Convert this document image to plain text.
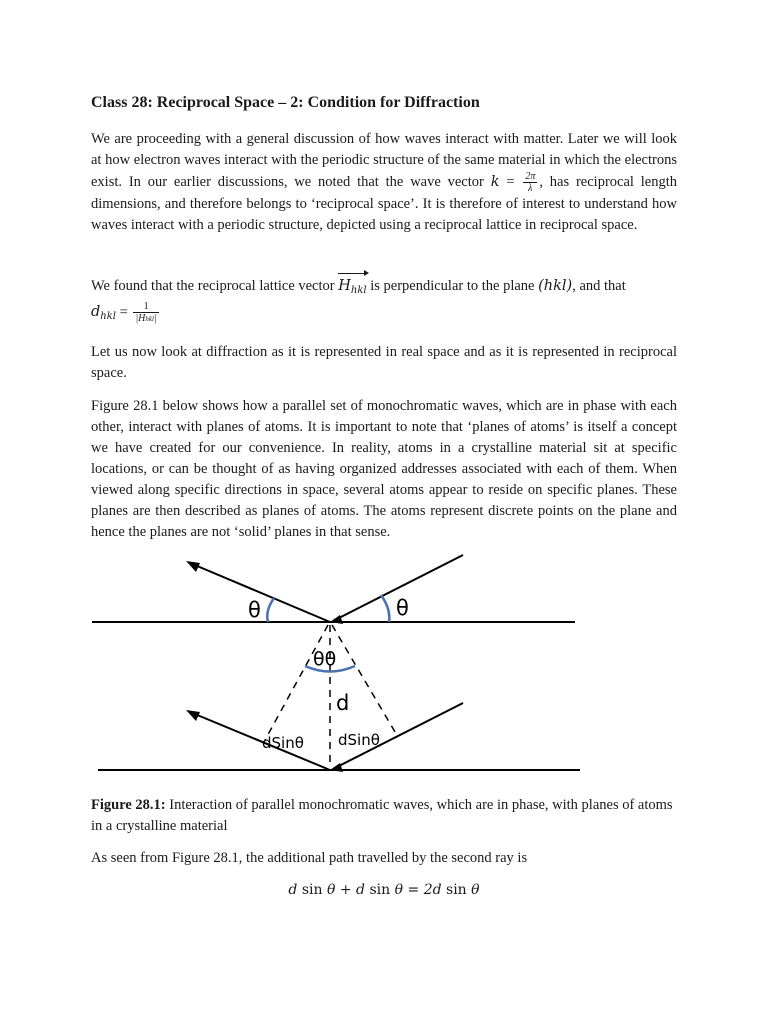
Class 28: Reciprocal Space – 2: Condition for Diffraction

We are proceeding with a general discussion of how waves interact with matter. Later we will look at how electron waves interact with the periodic structure of the same material in which the electrons exist. In our earlier discussions, we noted that the wave vector $k = \frac{2\pi}{\lambda}$ , has reciprocal length dimensions, and therefore belongs to ‘reciprocal space’. It is therefore of interest to understand how waves interact with a periodic structure, depicted using a reciprocal lattice in reciprocal space.

We found that the reciprocal lattice vector $H_{hkl}$ is perpendicular to the plane (hkl), and that
$d_{hkl} = \frac{1}{\text{|Hhkl|}}$

Let us now look at diffraction as it is represented in real space and as it is represented in reciprocal space.

Figure 28.1 below shows how a parallel set of monochromatic waves, which are in phase with each other, interact with planes of atoms. It is important to note that ‘planes of atoms’ is itself a concept we have created for our convenience. In reality, atoms in a crystalline material sit at specific locations, or can be thought of as having organized addresses associated with each of them. When viewed along specific directions in space, several atoms appear to reside on specific planes. These planes are then described as planes of atoms. The atoms represent discrete points on the plane and hence the planes are not ‘solid’ planes in that sense.

θ	θ
θθ
d
dSinθ dSinθ

Figure 28.1: Interaction of parallel monochromatic waves, which are in phase, with planes of atoms in a crystalline material

As seen from Figure 28.1, the additional path travelled by the second ray is

d sin θ + d sin θ = 2d sin θ
